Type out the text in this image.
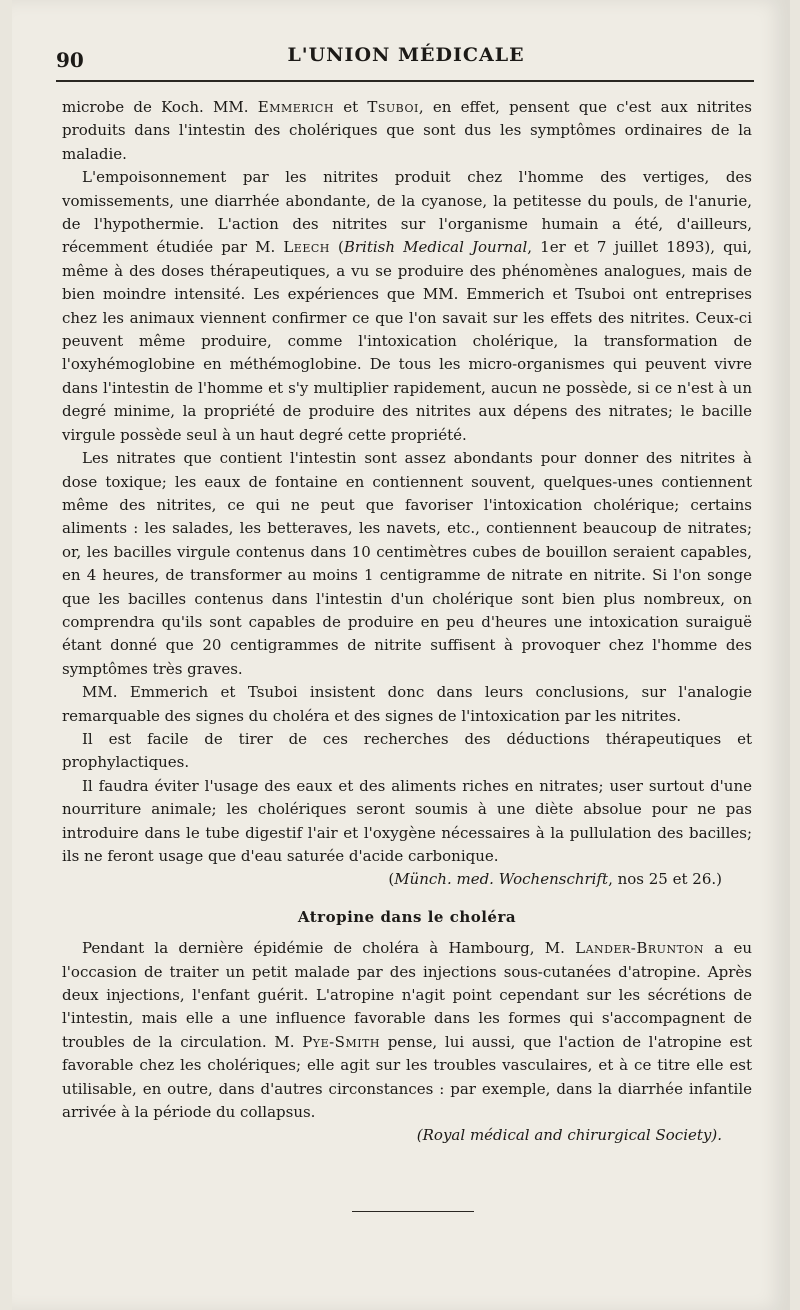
90	L'UNION MÉDICALE

microbe de Koch. MM. Emmerich et Tsuboi, en effet, pensent que c'est aux nitrites produits dans l'intestin des cholériques que sont dus les symptômes ordinaires de la maladie.

L'empoisonnement par les nitrites produit chez l'homme des vertiges, des vomissements, une diarrhée abondante, de la cyanose, la petitesse du pouls, de l'anurie, de l'hypothermie. L'action des nitrites sur l'organisme humain a été, d'ailleurs, récemment étudiée par M. Leech (British Medical Journal, 1er et 7 juillet 1893), qui, même à des doses thérapeutiques, a vu se produire des phénomènes analogues, mais de bien moindre intensité. Les expériences que MM. Emmerich et Tsuboi ont entreprises chez les animaux viennent confirmer ce que l'on savait sur les effets des nitrites. Ceux-ci peuvent même produire, comme l'intoxication cholérique, la transformation de l'oxyhémoglobine en méthémoglobine. De tous les micro-organismes qui peuvent vivre dans l'intestin de l'homme et s'y multiplier rapidement, aucun ne possède, si ce n'est à un degré minime, la propriété de produire des nitrites aux dépens des nitrates; le bacille virgule possède seul à un haut degré cette propriété.

Les nitrates que contient l'intestin sont assez abondants pour donner des nitrites à dose toxique; les eaux de fontaine en contiennent souvent, quelques-unes contiennent même des nitrites, ce qui ne peut que favoriser l'intoxication cholérique; certains aliments : les salades, les betteraves, les navets, etc., contiennent beaucoup de nitrates; or, les bacilles virgule contenus dans 10 centimètres cubes de bouillon seraient capables, en 4 heures, de transformer au moins 1 centigramme de nitrate en nitrite. Si l'on songe que les bacilles contenus dans l'intestin d'un cholérique sont bien plus nombreux, on comprendra qu'ils sont capables de produire en peu d'heures une intoxication suraiguë étant donné que 20 centigrammes de nitrite suffisent à provoquer chez l'homme des symptômes très graves.

MM. Emmerich et Tsuboi insistent donc dans leurs conclusions, sur l'analogie remarquable des signes du choléra et des signes de l'intoxication par les nitrites.

Il est facile de tirer de ces recherches des déductions thérapeutiques et prophylactiques.

Il faudra éviter l'usage des eaux et des aliments riches en nitrates; user surtout d'une nourriture animale; les cholériques seront soumis à une diète absolue pour ne pas introduire dans le tube digestif l'air et l'oxygène nécessaires à la pullulation des bacilles; ils ne feront usage que d'eau saturée d'acide carbonique.

(Münch. med. Wochenschrift, nos 25 et 26.)

Atropine dans le choléra

Pendant la dernière épidémie de choléra à Hambourg, M. Lander-Brunton a eu l'occasion de traiter un petit malade par des injections sous-cutanées d'atropine. Après deux injections, l'enfant guérit. L'atropine n'agit point cependant sur les sécrétions de l'intestin, mais elle a une influence favorable dans les formes qui s'accompagnent de troubles de la circulation. M. Pye-Smith pense, lui aussi, que l'action de l'atropine est favorable chez les cholériques; elle agit sur les troubles vasculaires, et à ce titre elle est utilisable, en outre, dans d'autres circonstances : par exemple, dans la diarrhée infantile arrivée à la période du collapsus.

(Royal médical and chirurgical Society).
